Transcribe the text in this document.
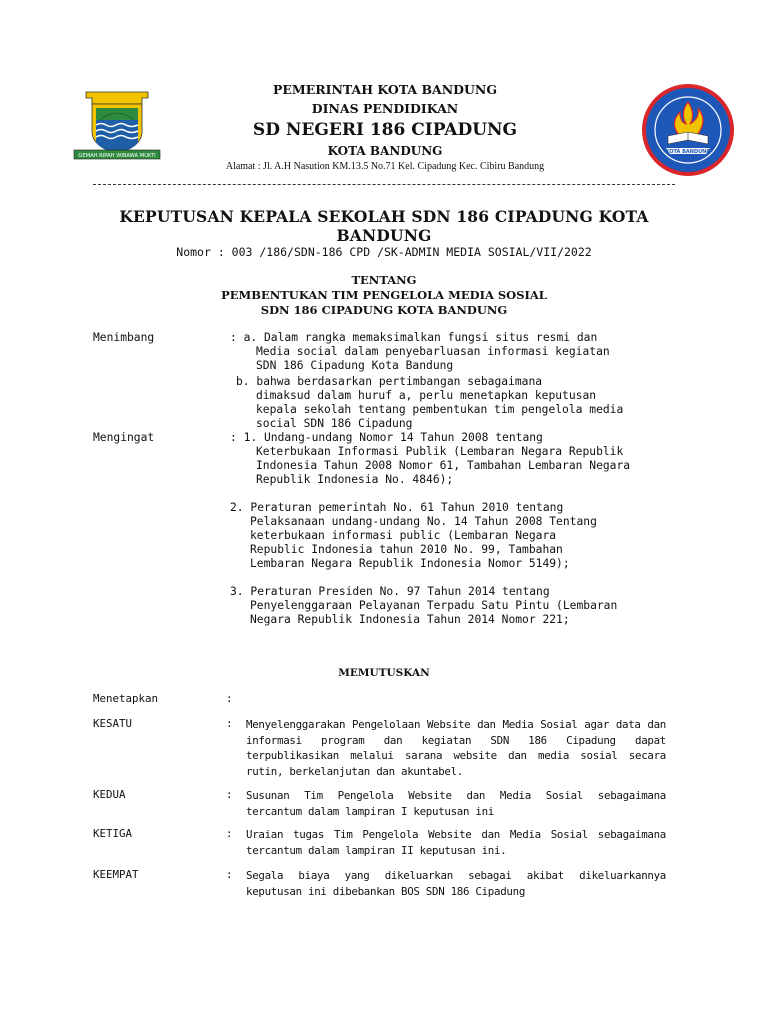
GEMAH RIPAH WIBAWA MUKTI
KOTA BANDUNG
PEMERINTAH KOTA BANDUNG
DINAS PENDIDIKAN
SD NEGERI 186 CIPADUNG
KOTA BANDUNG
Alamat : Jl. A.H Nasution KM.13.5 No.71 Kel. Cipadung Kec. Cibiru Bandung
KEPUTUSAN KEPALA SEKOLAH SDN 186 CIPADUNG KOTA BANDUNG
Nomor : 003 /186/SDN-186 CPD /SK-ADMIN MEDIA SOSIAL/VII/2022
TENTANG
PEMBENTUKAN TIM PENGELOLA MEDIA SOSIAL
SDN 186 CIPADUNG KOTA BANDUNG
Menimbang	: a. Dalam rangka memaksimalkan fungsi situs resmi dan
Media social dalam penyebarluasan informasi kegiatan SDN 186 Cipadung Kota Bandung
b. bahwa berdasarkan pertimbangan sebagaimana
dimaksud dalam huruf a, perlu menetapkan keputusan kepala sekolah tentang pembentukan tim pengelola media social SDN 186 Cipadung
Mengingat	: 1. Undang-undang Nomor 14 Tahun 2008 tentang
Keterbukaan Informasi Publik (Lembaran Negara Republik Indonesia Tahun 2008 Nomor 61, Tambahan Lembaran Negara Republik Indonesia No. 4846);
2. Peraturan pemerintah No. 61 Tahun 2010 tentang
Pelaksanaan undang-undang No. 14 Tahun 2008 Tentang keterbukaan informasi public (Lembaran Negara Republic Indonesia tahun 2010 No. 99, Tambahan Lembaran Negara Republik Indonesia Nomor 5149);
3. Peraturan Presiden No. 97 Tahun 2014 tentang
Penyelenggaraan Pelayanan Terpadu Satu Pintu (Lembaran Negara Republik Indonesia Tahun 2014 Nomor 221;
MEMUTUSKAN
Menetapkan	:
KESATU	: Menyelenggarakan Pengelolaan Website dan Media Sosial agar data dan informasi program dan kegiatan SDN 186 Cipadung dapat terpublikasikan melalui sarana website dan media sosial secara rutin, berkelanjutan dan akuntabel.
KEDUA	: Susunan Tim Pengelola Website dan Media Sosial sebagaimana tercantum dalam lampiran I keputusan ini
KETIGA	: Uraian tugas Tim Pengelola Website dan Media Sosial sebagaimana tercantum dalam lampiran II keputusan ini.
KEEMPAT	: Segala biaya yang dikeluarkan sebagai akibat dikeluarkannya keputusan ini dibebankan BOS SDN 186 Cipadung
